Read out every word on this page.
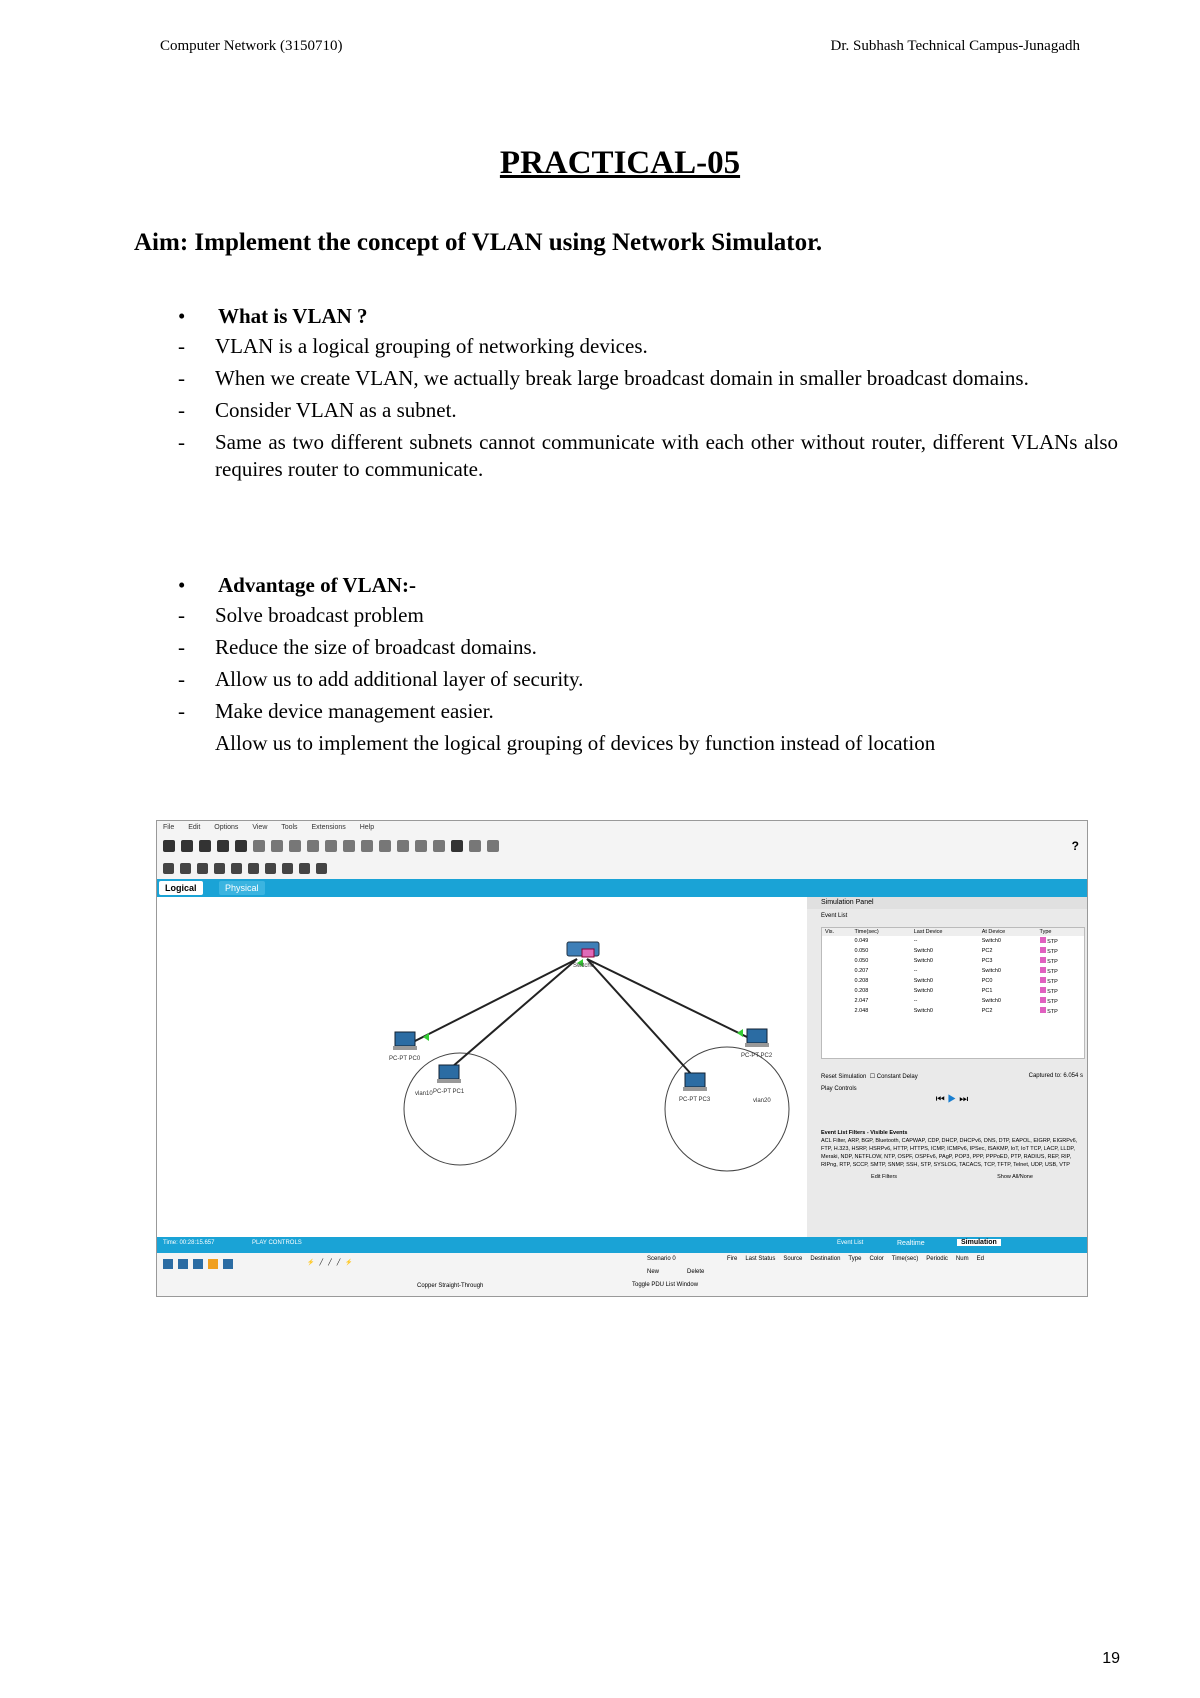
Computer Network (3150710)	Dr. Subhash Technical Campus-Junagadh
PRACTICAL-05
Aim: Implement the concept of VLAN using Network Simulator.
•	What is VLAN ?
-	VLAN is a logical grouping of networking devices.
-	When we create VLAN, we actually break large broadcast domain in smaller broadcast domains.
-	Consider VLAN as a subnet.
-	Same as two different subnets cannot communicate with each other without router, different VLANs also requires router to communicate.
•	Advantage of VLAN:-
-	Solve broadcast problem
-	Reduce the size of broadcast domains.
-	Allow us to add additional layer of security.
-	Make device management easier.
Allow us to implement the logical grouping of devices by function instead of location
File Edit Options View Tools Extensions Help
?
Logical	Physical
Switch0
PC-PT PC0
PC-PT PC1
PC-PT PC2
PC-PT PC3
vlan10
vlan20
Simulation Panel
Event List
Vis.	Time(sec)	Last Device	At Device	Type
	0.049	--	Switch0	STP
	0.050	Switch0	PC2	STP
	0.050	Switch0	PC3	STP
	0.207	--	Switch0	STP
	0.208	Switch0	PC0	STP
	0.208	Switch0	PC1	STP
	2.047	--	Switch0	STP
	2.048	Switch0	PC2	STP
Reset Simulation  ☐ Constant Delay	Captured to: 6.054 s
Play Controls
⏮ ▶ ⏭
Event List Filters - Visible Events
ACL Filter, ARP, BGP, Bluetooth, CAPWAP, CDP, DHCP, DHCPv6, DNS, DTP, EAPOL, EIGRP, EIGRPv6, FTP, H.323, HSRP, HSRPv6, HTTP, HTTPS, ICMP, ICMPv6, IPSec, ISAKMP, IoT, IoT TCP, LACP, LLDP, Meraki, NDP, NETFLOW, NTP, OSPF, OSPFv6, PAgP, POP3, PPP, PPPoED, PTP, RADIUS, REP, RIP, RIPng, RTP, SCCP, SMTP, SNMP, SSH, STP, SYSLOG, TACACS, TCP, TFTP, Telnet, UDP, USB, VTP
Edit Filters	Show All/None
Time: 00:28:15.657	PLAY CONTROLS	Event List	Realtime	Simulation
⚡ ╱ ╱ ╱ ⚡
Copper Straight-Through
Scenario 0
New	Delete
Toggle PDU List Window
Fire Last Status Source Destination Type Color Time(sec) Periodic Num Ed
19
